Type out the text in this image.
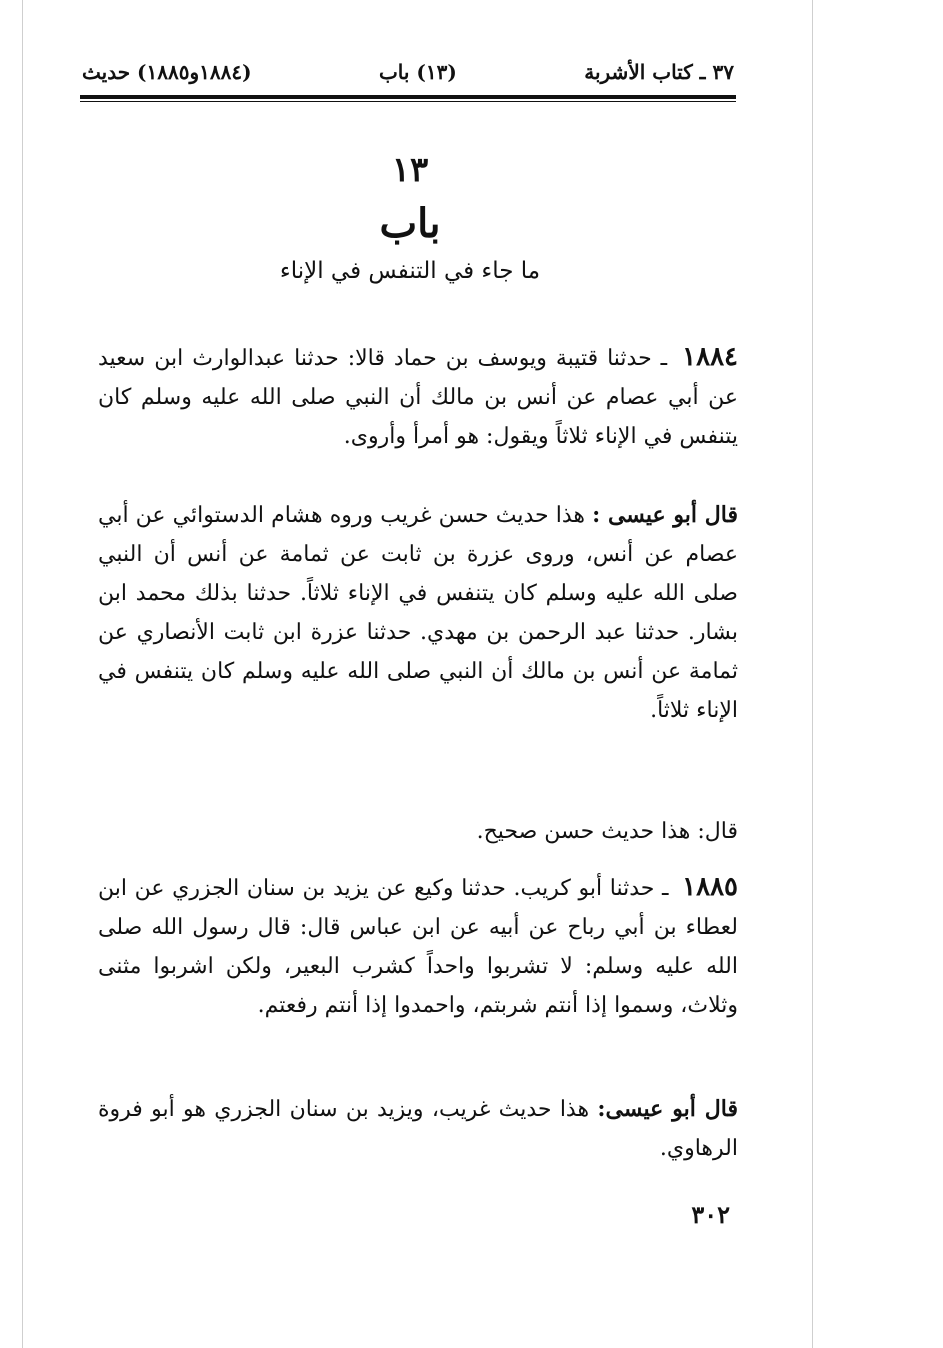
٣٧ ـ كتاب الأشربة
(١٣) باب
(١٨٨٤و١٨٨٥) حديث
١٣
باب
ما جاء في التنفس في الإناء
١٨٨٤ ـ حدثنا قتيبة ويوسف بن حماد قالا: حدثنا عبدالوارث ابن سعيد عن أبي عصام عن أنس بن مالك أن النبي صلى الله عليه وسلم كان يتنفس في الإناء ثلاثاً ويقول: هو أمرأ وأروى.
قال أبو عيسى : هذا حديث حسن غريب وروه هشام الدستوائي عن أبي عصام عن أنس، وروى عزرة بن ثابت عن ثمامة عن أنس أن النبي صلى الله عليه وسلم كان يتنفس في الإناء ثلاثاً. حدثنا بذلك محمد ابن بشار. حدثنا عبد الرحمن بن مهدي. حدثنا عزرة ابن ثابت الأنصاري عن ثمامة عن أنس بن مالك أن النبي صلى الله عليه وسلم كان يتنفس في الإناء ثلاثاً.
قال: هذا حديث حسن صحيح.
١٨٨٥ ـ حدثنا أبو كريب. حدثنا وكيع عن يزيد بن سنان الجزري عن ابن لعطاء بن أبي رباح عن أبيه عن ابن عباس قال: قال رسول الله صلى الله عليه وسلم: لا تشربوا واحداً كشرب البعير، ولكن اشربوا مثنى وثلاث، وسموا إذا أنتم شربتم، واحمدوا إذا أنتم رفعتم.
قال أبو عيسى: هذا حديث غريب، ويزيد بن سنان الجزري هو أبو فروة الرهاوي.
٣٠٢
